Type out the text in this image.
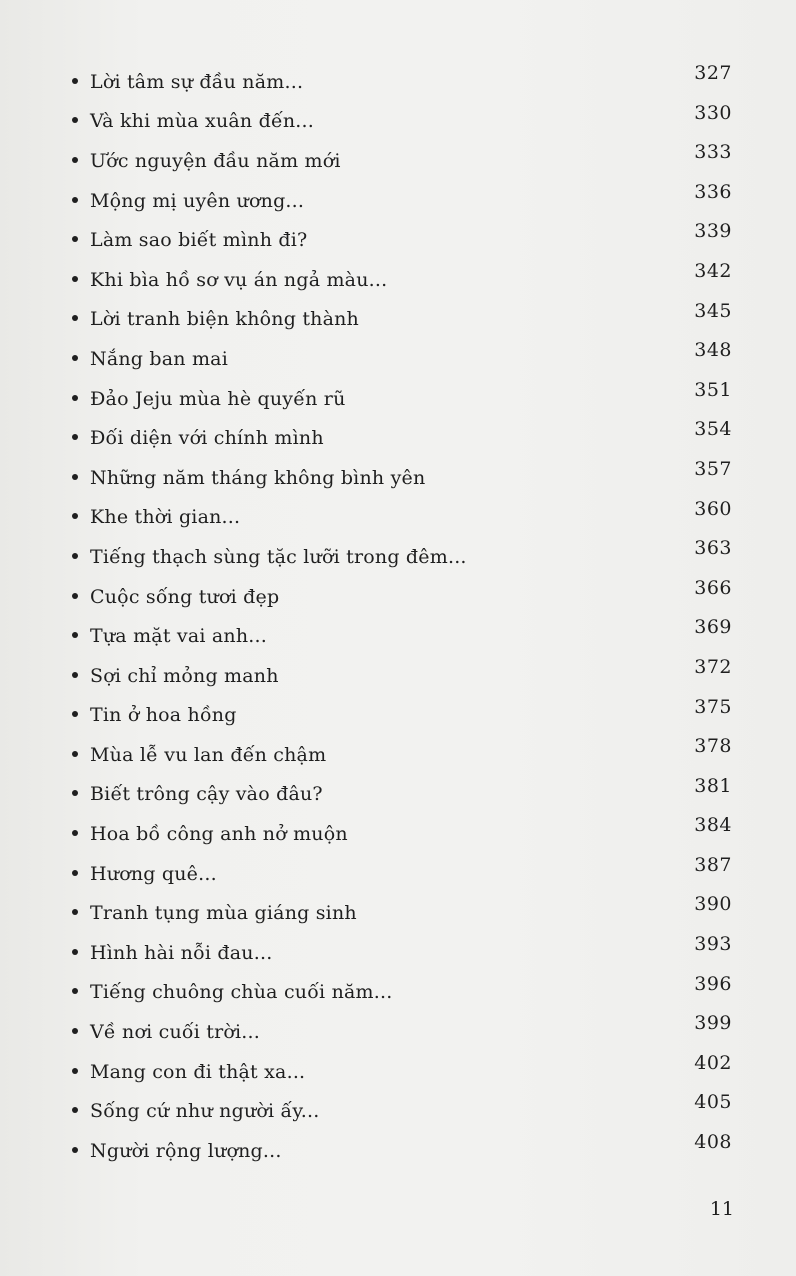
Lời tâm sự đầu năm...	327
Và khi mùa xuân đến...	330
Ước nguyện đầu năm mới	333
Mộng mị uyên ương...	336
Làm sao biết mình đi?	339
Khi bìa hồ sơ vụ án ngả màu...	342
Lời tranh biện không thành	345
Nắng ban mai	348
Đảo Jeju mùa hè quyến rũ	351
Đối diện với chính mình	354
Những năm tháng không bình yên	357
Khe thời gian...	360
Tiếng thạch sùng tặc lưỡi trong đêm...	363
Cuộc sống tươi đẹp	366
Tựa mặt vai anh...	369
Sợi chỉ mỏng manh	372
Tin ở hoa hồng	375
Mùa lễ vu lan đến chậm	378
Biết trông cậy vào đâu?	381
Hoa bồ công anh nở muộn	384
Hương quê...	387
Tranh tụng mùa giáng sinh	390
Hình hài nỗi đau...	393
Tiếng chuông chùa cuối năm...	396
Về nơi cuối trời...	399
Mang con đi thật xa...	402
Sống cứ như người ấy...	405
Người rộng lượng...	408
11
